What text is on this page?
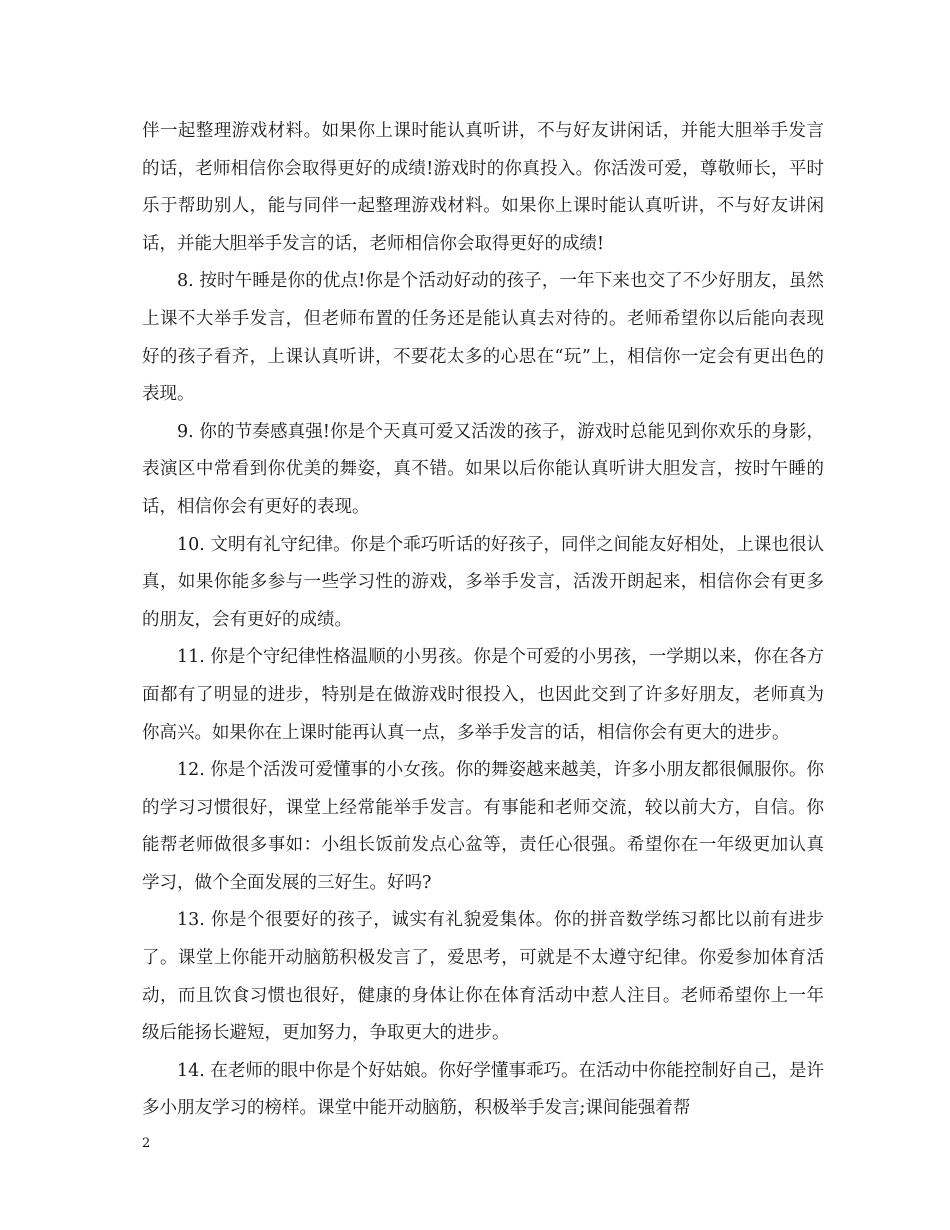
伴一起整理游戏材料。如果你上课时能认真听讲，不与好友讲闲话，并能大胆举手发言的话，老师相信你会取得更好的成绩!游戏时的你真投入。你活泼可爱，尊敬师长，平时乐于帮助别人，能与同伴一起整理游戏材料。如果你上课时能认真听讲，不与好友讲闲话，并能大胆举手发言的话，老师相信你会取得更好的成绩!

8. 按时午睡是你的优点!你是个活动好动的孩子，一年下来也交了不少好朋友，虽然上课不大举手发言，但老师布置的任务还是能认真去对待的。老师希望你以后能向表现好的孩子看齐，上课认真听讲，不要花太多的心思在“玩”上，相信你一定会有更出色的表现。

9. 你的节奏感真强!你是个天真可爱又活泼的孩子，游戏时总能见到你欢乐的身影，表演区中常看到你优美的舞姿，真不错。如果以后你能认真听讲大胆发言，按时午睡的话，相信你会有更好的表现。

10. 文明有礼守纪律。你是个乖巧听话的好孩子，同伴之间能友好相处，上课也很认真，如果你能多参与一些学习性的游戏，多举手发言，活泼开朗起来，相信你会有更多的朋友，会有更好的成绩。

11. 你是个守纪律性格温顺的小男孩。你是个可爱的小男孩，一学期以来，你在各方面都有了明显的进步，特别是在做游戏时很投入，也因此交到了许多好朋友，老师真为你高兴。如果你在上课时能再认真一点，多举手发言的话，相信你会有更大的进步。

12. 你是个活泼可爱懂事的小女孩。你的舞姿越来越美，许多小朋友都很佩服你。你的学习习惯很好，课堂上经常能举手发言。有事能和老师交流，较以前大方，自信。你能帮老师做很多事如：小组长饭前发点心盆等，责任心很强。希望你在一年级更加认真学习，做个全面发展的三好生。好吗?

13. 你是个很要好的孩子，诚实有礼貌爱集体。你的拼音数学练习都比以前有进步了。课堂上你能开动脑筋积极发言了，爱思考，可就是不太遵守纪律。你爱参加体育活动，而且饮食习惯也很好，健康的身体让你在体育活动中惹人注目。老师希望你上一年级后能扬长避短，更加努力，争取更大的进步。

14. 在老师的眼中你是个好姑娘。你好学懂事乖巧。在活动中你能控制好自己，是许多小朋友学习的榜样。课堂中能开动脑筋，积极举手发言;课间能强着帮

2
